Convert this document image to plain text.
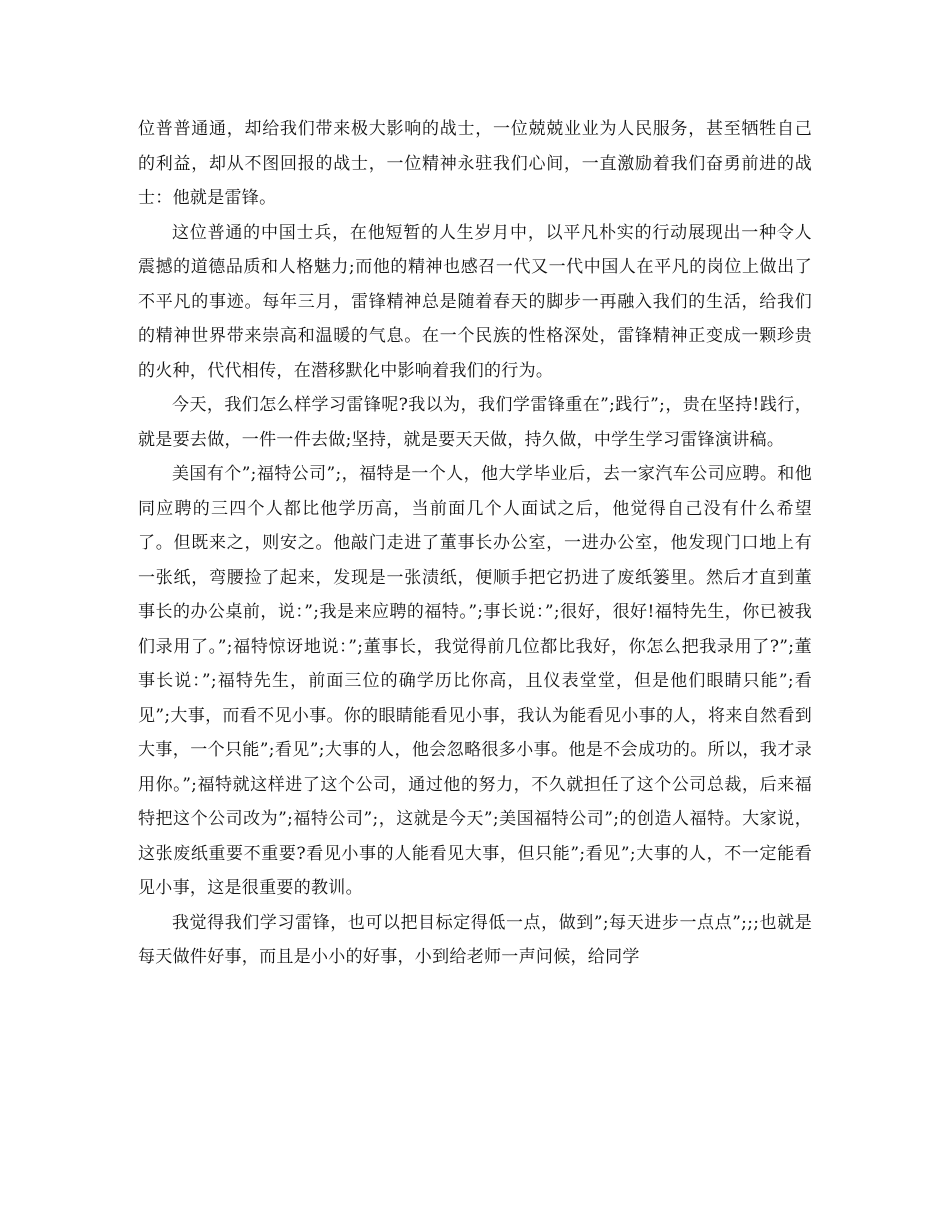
位普普通通，却给我们带来极大影响的战士，一位兢兢业业为人民服务，甚至牺牲自己的利益，却从不图回报的战士，一位精神永驻我们心间，一直激励着我们奋勇前进的战士：他就是雷锋。

这位普通的中国士兵，在他短暂的人生岁月中，以平凡朴实的行动展现出一种令人震撼的道德品质和人格魅力;而他的精神也感召一代又一代中国人在平凡的岗位上做出了不平凡的事迹。每年三月，雷锋精神总是随着春天的脚步一再融入我们的生活，给我们的精神世界带来崇高和温暖的气息。在一个民族的性格深处，雷锋精神正变成一颗珍贵的火种，代代相传，在潜移默化中影响着我们的行为。

今天，我们怎么样学习雷锋呢?我以为，我们学雷锋重在”;践行”;，贵在坚持!践行，就是要去做，一件一件去做;坚持，就是要天天做，持久做，中学生学习雷锋演讲稿。

美国有个”;福特公司”;，福特是一个人，他大学毕业后，去一家汽车公司应聘。和他同应聘的三四个人都比他学历高，当前面几个人面试之后，他觉得自己没有什么希望了。但既来之，则安之。他敲门走进了董事长办公室，一进办公室，他发现门口地上有一张纸，弯腰捡了起来，发现是一张渍纸，便顺手把它扔进了废纸篓里。然后才直到董事长的办公桌前，说：”;我是来应聘的福特。”;事长说：”;很好，很好!福特先生，你已被我们录用了。”;福特惊讶地说：”;董事长，我觉得前几位都比我好，你怎么把我录用了?”;董事长说：”;福特先生，前面三位的确学历比你高，且仪表堂堂，但是他们眼睛只能”;看见”;大事，而看不见小事。你的眼睛能看见小事，我认为能看见小事的人，将来自然看到大事，一个只能”;看见”;大事的人，他会忽略很多小事。他是不会成功的。所以，我才录用你。”;福特就这样进了这个公司，通过他的努力，不久就担任了这个公司总裁，后来福特把这个公司改为”;福特公司”;，这就是今天”;美国福特公司”;的创造人福特。大家说，这张废纸重要不重要?看见小事的人能看见大事，但只能”;看见”;大事的人，不一定能看见小事，这是很重要的教训。

我觉得我们学习雷锋，也可以把目标定得低一点，做到”;每天进步一点点”;;;也就是每天做件好事，而且是小小的好事，小到给老师一声问候，给同学
